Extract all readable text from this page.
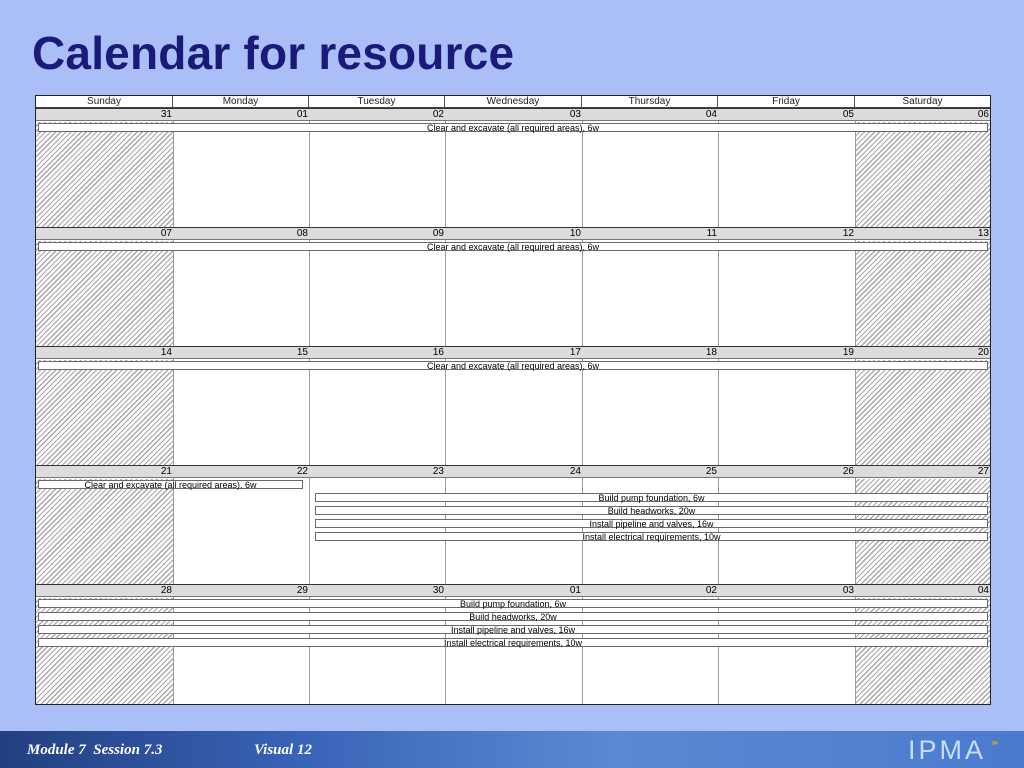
Calendar for resource
Sunday	Monday	Tuesday	Wednesday	Thursday	Friday	Saturday
31	01	02	03	04	05	06
Clear and excavate (all required areas), 6w
07	08	09	10	11	12	13
Clear and excavate (all required areas), 6w
14	15	16	17	18	19	20
Clear and excavate (all required areas), 6w
21	22	23	24	25	26	27
Clear and excavate (all required areas), 6w
Build pump foundation, 6w
Build headworks, 20w
Install pipeline and valves, 16w
Install electrical requirements, 10w
28	29	30	01	02	03	04
Build pump foundation, 6w
Build headworks, 20w
Install pipeline and valves, 16w
Install electrical requirements, 10w
Module 7  Session 7.3	Visual 12	IPMA »
